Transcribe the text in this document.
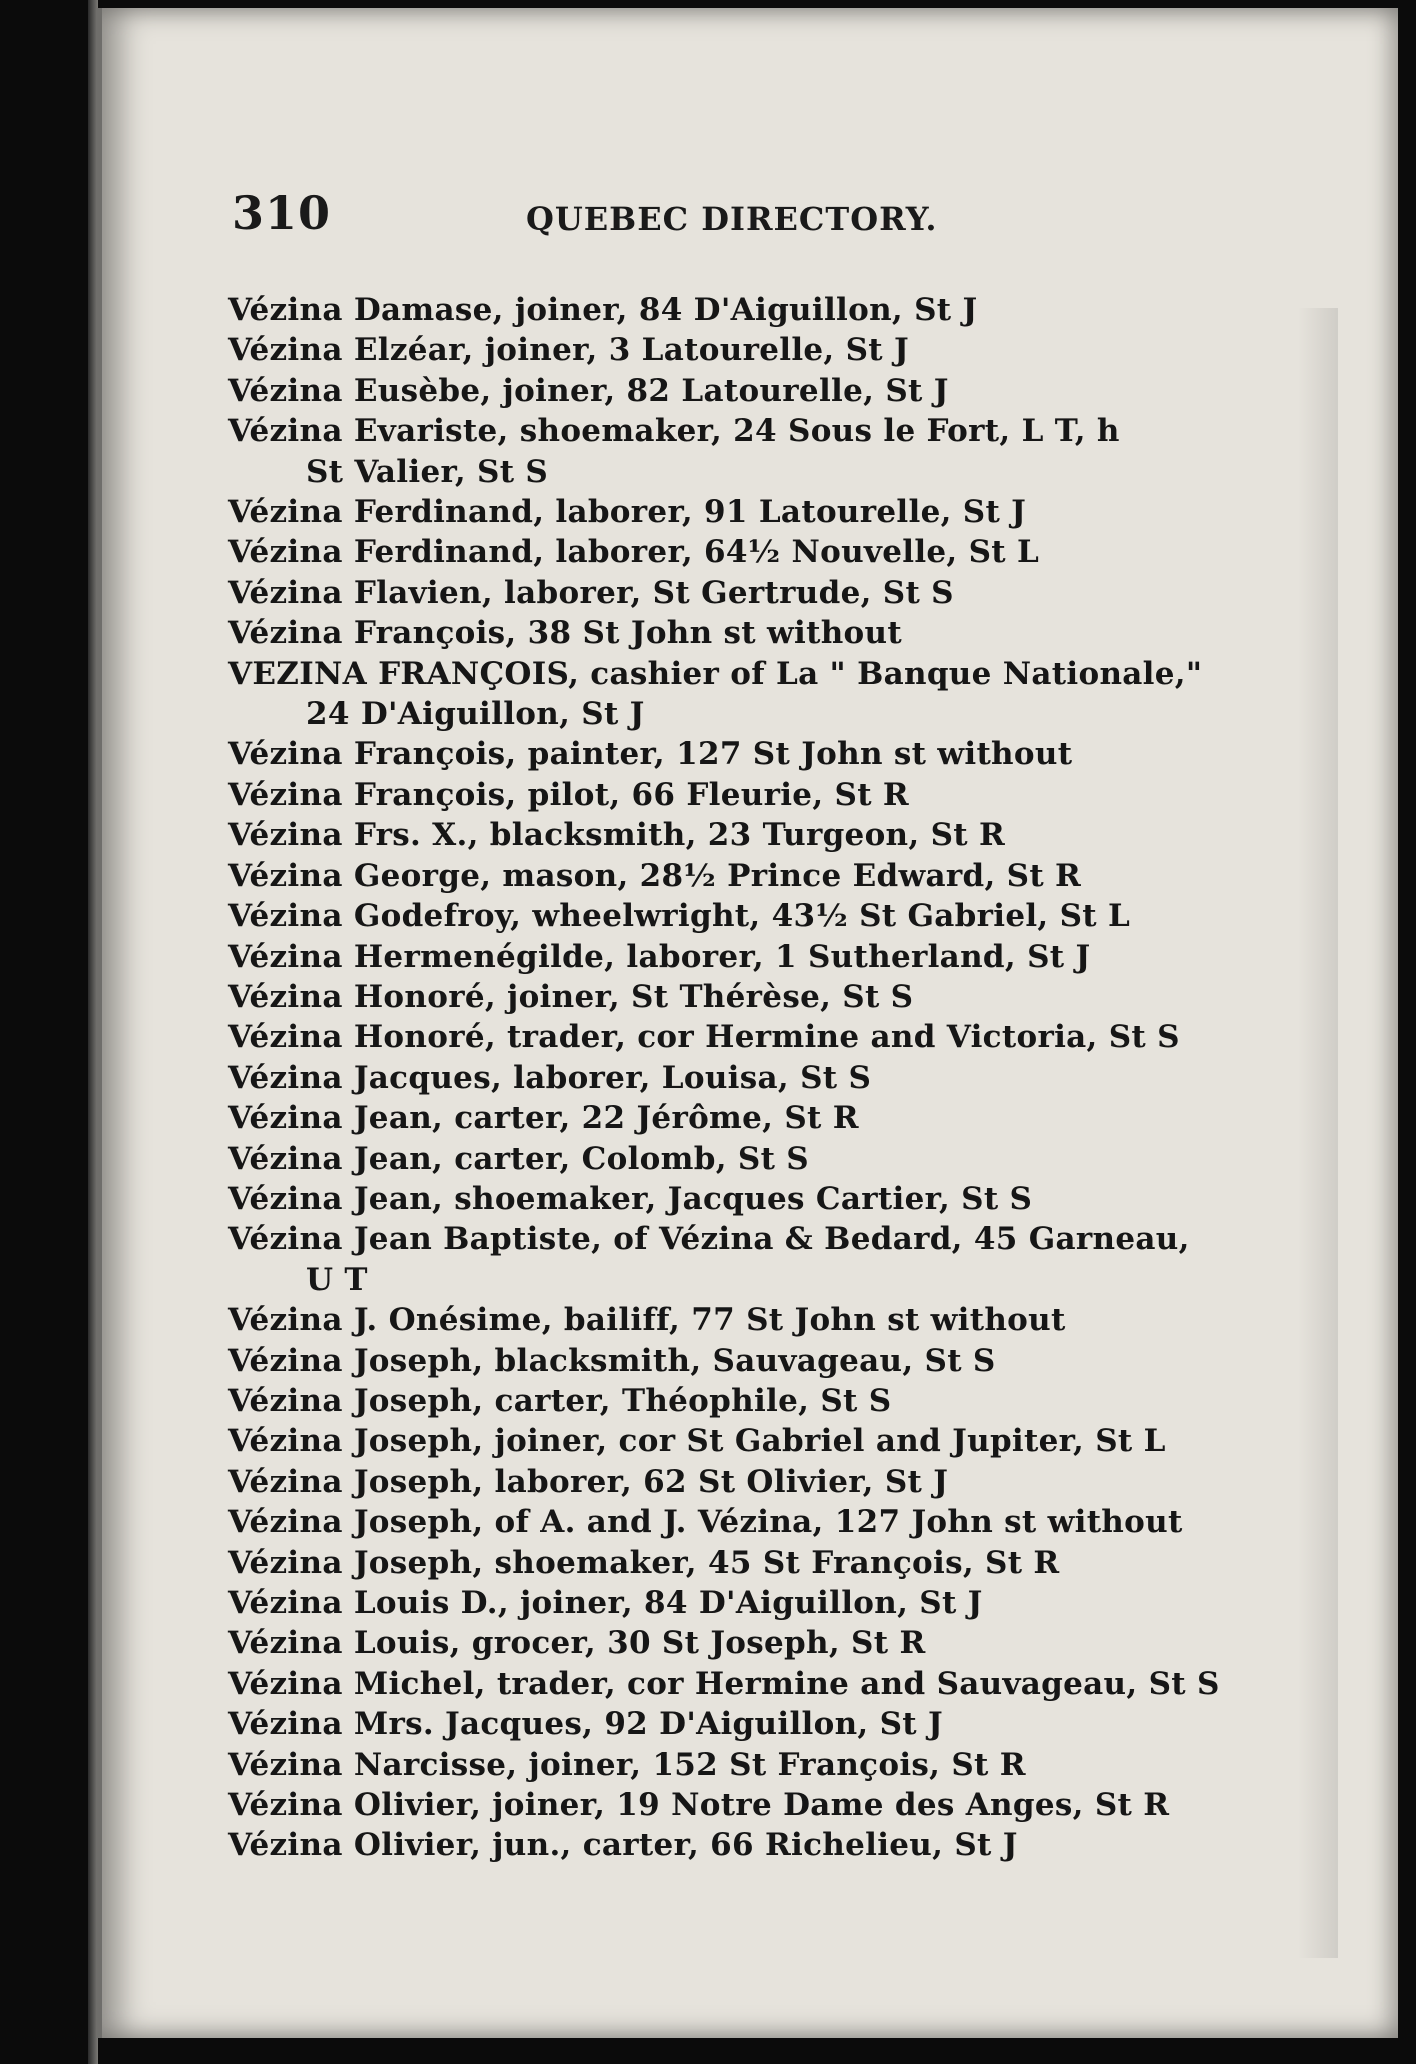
310	QUEBEC DIRECTORY.
Vézina Damase, joiner, 84 D'Aiguillon, St J
Vézina Elzéar, joiner, 3 Latourelle, St J
Vézina Eusèbe, joiner, 82 Latourelle, St J
Vézina Evariste, shoemaker, 24 Sous le Fort, L T, h
St Valier, St S
Vézina Ferdinand, laborer, 91 Latourelle, St J
Vézina Ferdinand, laborer, 64½ Nouvelle, St L
Vézina Flavien, laborer, St Gertrude, St S
Vézina François, 38 St John st without
VEZINA FRANÇOIS, cashier of La " Banque Nationale,"
24 D'Aiguillon, St J
Vézina François, painter, 127 St John st without
Vézina François, pilot, 66 Fleurie, St R
Vézina Frs. X., blacksmith, 23 Turgeon, St R
Vézina George, mason, 28½ Prince Edward, St R
Vézina Godefroy, wheelwright, 43½ St Gabriel, St L
Vézina Hermenégilde, laborer, 1 Sutherland, St J
Vézina Honoré, joiner, St Thérèse, St S
Vézina Honoré, trader, cor Hermine and Victoria, St S
Vézina Jacques, laborer, Louisa, St S
Vézina Jean, carter, 22 Jérôme, St R
Vézina Jean, carter, Colomb, St S
Vézina Jean, shoemaker, Jacques Cartier, St S
Vézina Jean Baptiste, of Vézina & Bedard, 45 Garneau,
U T
Vézina J. Onésime, bailiff, 77 St John st without
Vézina Joseph, blacksmith, Sauvageau, St S
Vézina Joseph, carter, Théophile, St S
Vézina Joseph, joiner, cor St Gabriel and Jupiter, St L
Vézina Joseph, laborer, 62 St Olivier, St J
Vézina Joseph, of A. and J. Vézina, 127 John st without
Vézina Joseph, shoemaker, 45 St François, St R
Vézina Louis D., joiner, 84 D'Aiguillon, St J
Vézina Louis, grocer, 30 St Joseph, St R
Vézina Michel, trader, cor Hermine and Sauvageau, St S
Vézina Mrs. Jacques, 92 D'Aiguillon, St J
Vézina Narcisse, joiner, 152 St François, St R
Vézina Olivier, joiner, 19 Notre Dame des Anges, St R
Vézina Olivier, jun., carter, 66 Richelieu, St J
